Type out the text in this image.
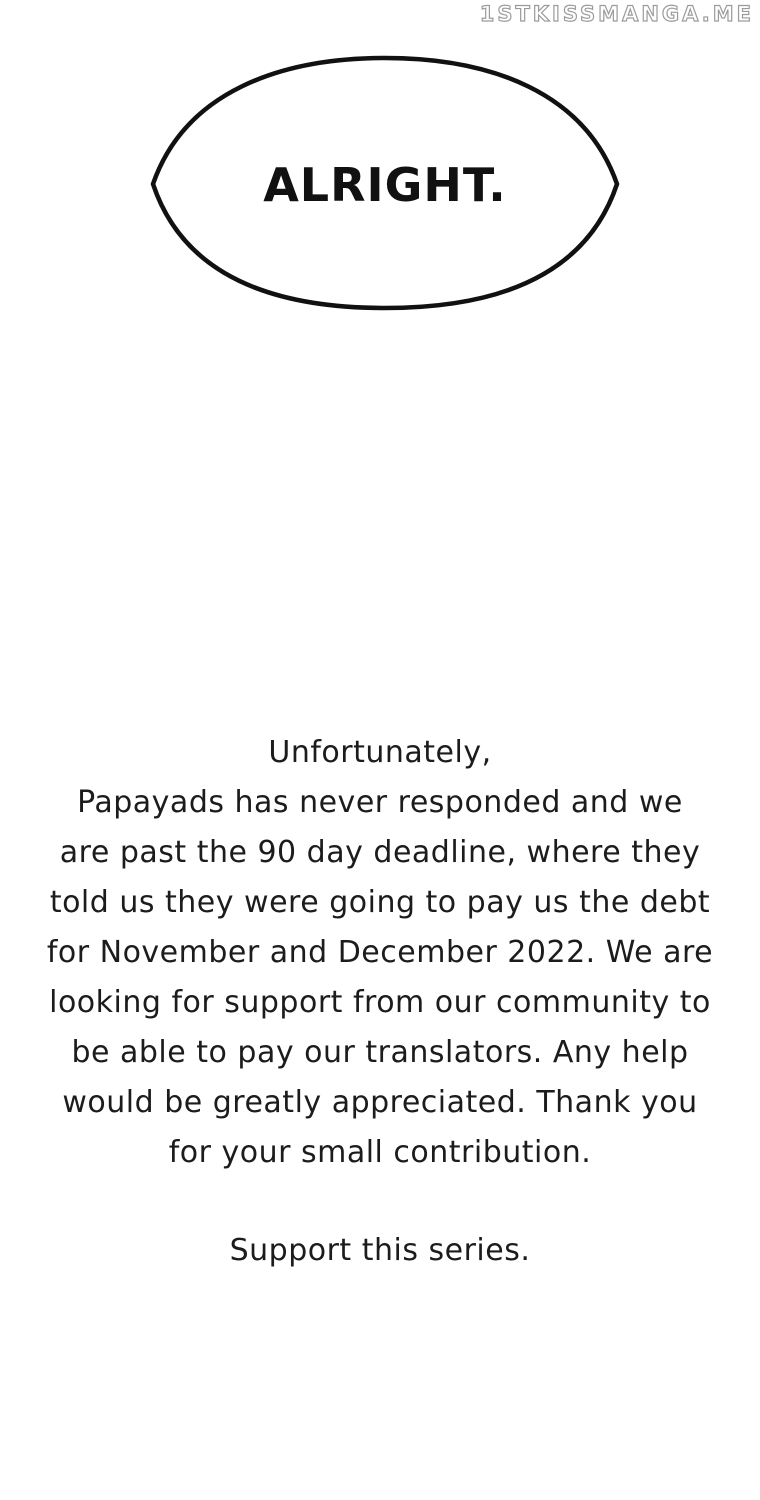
1STKISSMANGA.ME
ALRIGHT.
Unfortunately,
Papayads has never responded and we
are past the 90 day deadline, where they
told us they were going to pay us the debt
for November and December 2022. We are
looking for support from our community to
be able to pay our translators. Any help
would be greatly appreciated. Thank you
for your small contribution.
Support this series.
